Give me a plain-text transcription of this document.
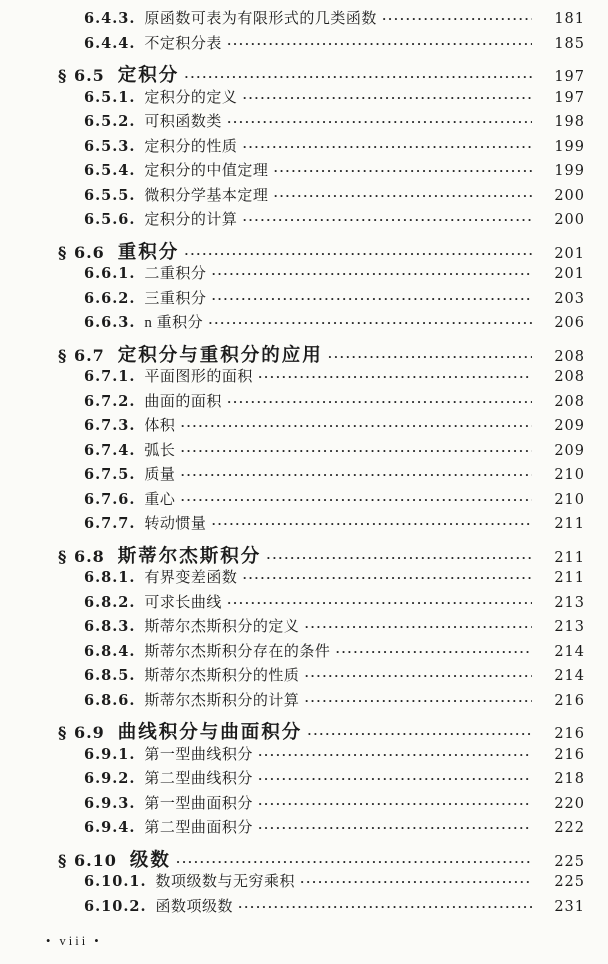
6.4.3. 原函数可表为有限形式的几类函数 ·····	181
6.4.4. 不定积分表 ·····	185
§ 6.5 定积分 ·····	197
6.5.1. 定积分的定义 ·····	197
6.5.2. 可积函数类 ·····	198
6.5.3. 定积分的性质 ·····	199
6.5.4. 定积分的中值定理 ·····	199
6.5.5. 微积分学基本定理 ·····	200
6.5.6. 定积分的计算 ·····	200
§ 6.6 重积分 ·····	201
6.6.1. 二重积分 ·····	201
6.6.2. 三重积分 ·····	203
6.6.3. n 重积分 ·····	206
§ 6.7 定积分与重积分的应用 ·····	208
6.7.1. 平面图形的面积 ·····	208
6.7.2. 曲面的面积 ·····	208
6.7.3. 体积 ·····	209
6.7.4. 弧长 ·····	209
6.7.5. 质量 ·····	210
6.7.6. 重心 ·····	210
6.7.7. 转动惯量 ·····	211
§ 6.8 斯蒂尔杰斯积分 ·····	211
6.8.1. 有界变差函数 ·····	211
6.8.2. 可求长曲线 ·····	213
6.8.3. 斯蒂尔杰斯积分的定义 ·····	213
6.8.4. 斯蒂尔杰斯积分存在的条件 ·····	214
6.8.5. 斯蒂尔杰斯积分的性质 ·····	214
6.8.6. 斯蒂尔杰斯积分的计算 ·····	216
§ 6.9 曲线积分与曲面积分 ·····	216
6.9.1. 第一型曲线积分 ·····	216
6.9.2. 第二型曲线积分 ·····	218
6.9.3. 第一型曲面积分 ·····	220
6.9.4. 第二型曲面积分 ·····	222
§ 6.10 级数 ·····	225
6.10.1. 数项级数与无穷乘积 ·····	225
6.10.2. 函数项级数 ·····	231
• viii •
